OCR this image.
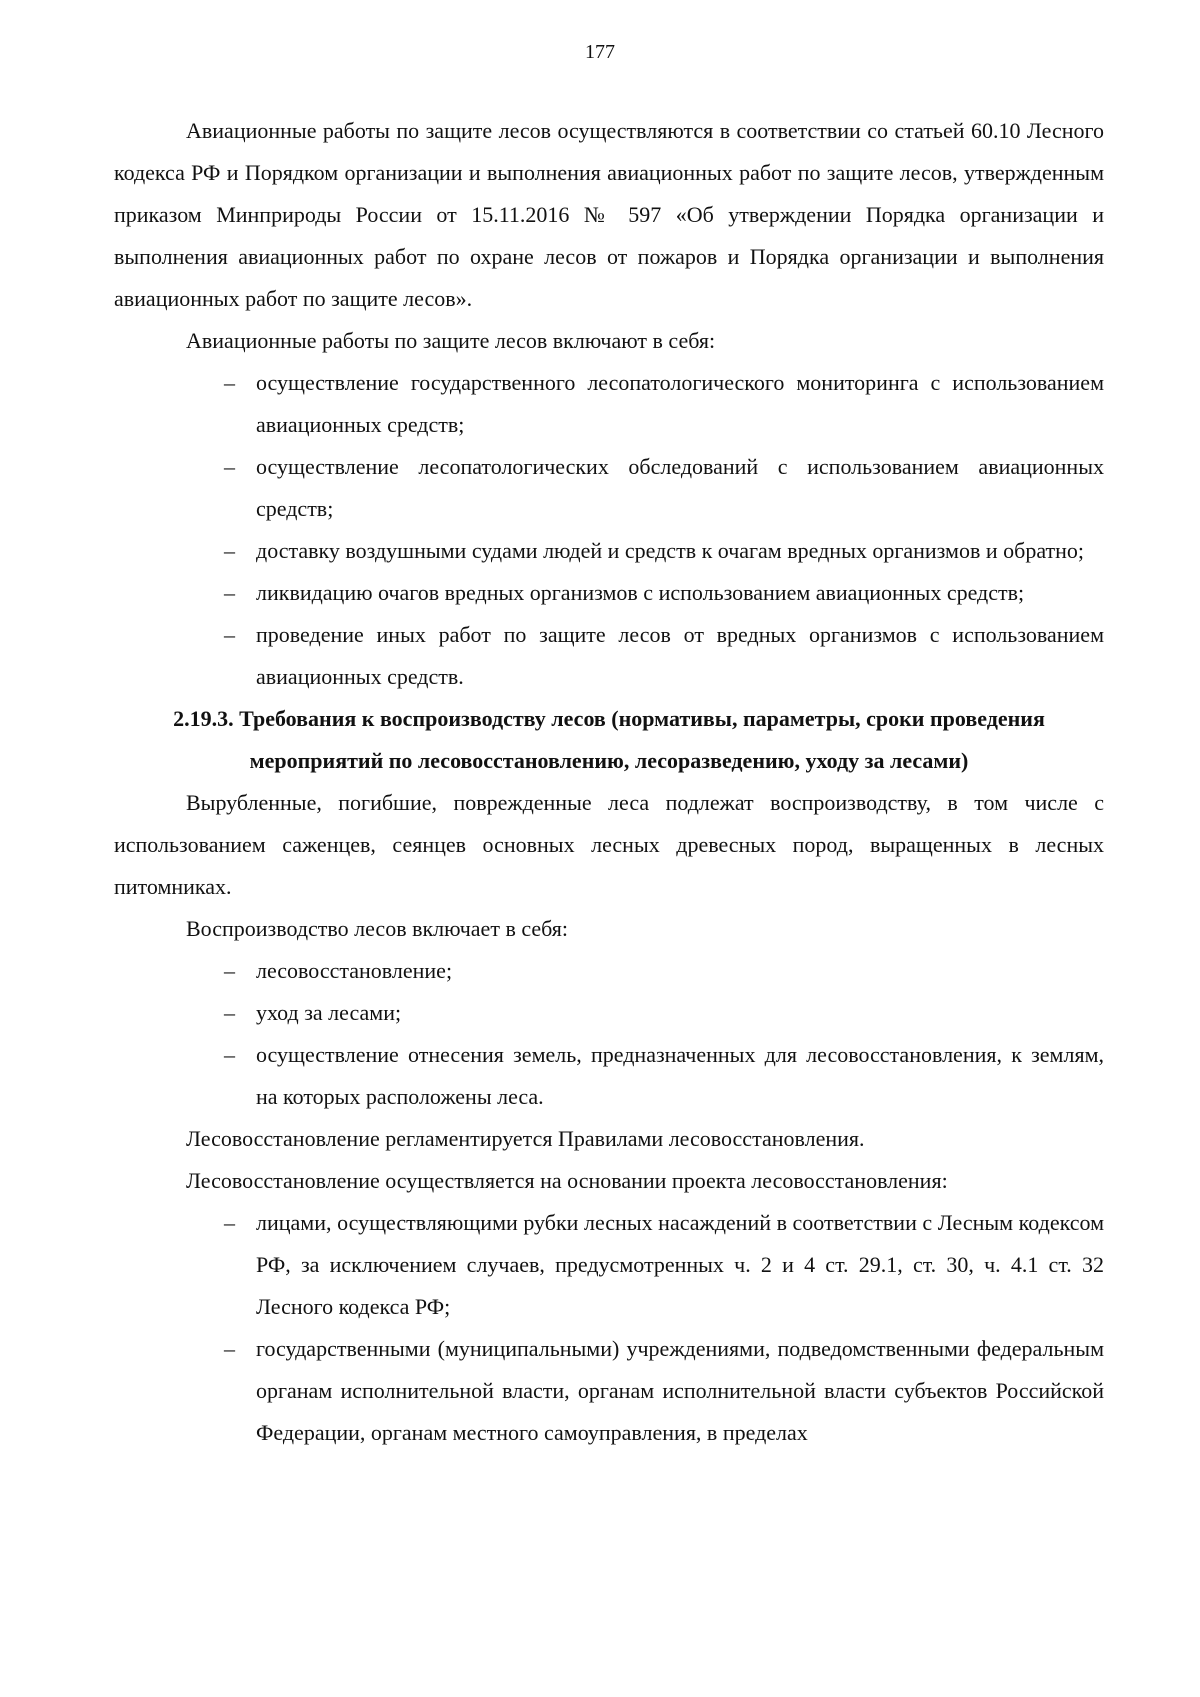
177

Авиационные работы по защите лесов осуществляются в соответствии со статьей 60.10 Лесного кодекса РФ и Порядком организации и выполнения авиационных работ по защите лесов, утвержденным приказом Минприроды России от 15.11.2016 № 597 «Об утверждении Порядка организации и выполнения авиационных работ по охране лесов от пожаров и Порядка организации и выполнения авиационных работ по защите лесов».

Авиационные работы по защите лесов включают в себя:

– осуществление государственного лесопатологического мониторинга с использованием авиационных средств;
– осуществление лесопатологических обследований с использованием авиационных средств;
– доставку воздушными судами людей и средств к очагам вредных организмов и обратно;
– ликвидацию очагов вредных организмов с использованием авиационных средств;
– проведение иных работ по защите лесов от вредных организмов с использованием авиационных средств.
2.19.3. Требования к воспроизводству лесов (нормативы, параметры, сроки проведения мероприятий по лесовосстановлению, лесоразведению, уходу за лесами)

Вырубленные, погибшие, поврежденные леса подлежат воспроизводству, в том числе с использованием саженцев, сеянцев основных лесных древесных пород, выращенных в лесных питомниках.

Воспроизводство лесов включает в себя:

– лесовосстановление;
– уход за лесами;
– осуществление отнесения земель, предназначенных для лесовосстановления, к землям, на которых расположены леса.

Лесовосстановление регламентируется Правилами лесовосстановления.

Лесовосстановление осуществляется на основании проекта лесовосстановления:

– лицами, осуществляющими рубки лесных насаждений в соответствии с Лесным кодексом РФ, за исключением случаев, предусмотренных ч. 2 и 4 ст. 29.1, ст. 30, ч. 4.1 ст. 32 Лесного кодекса РФ;
– государственными (муниципальными) учреждениями, подведомственными федеральным органам исполнительной власти, органам исполнительной власти субъектов Российской Федерации, органам местного самоуправления, в пределах
